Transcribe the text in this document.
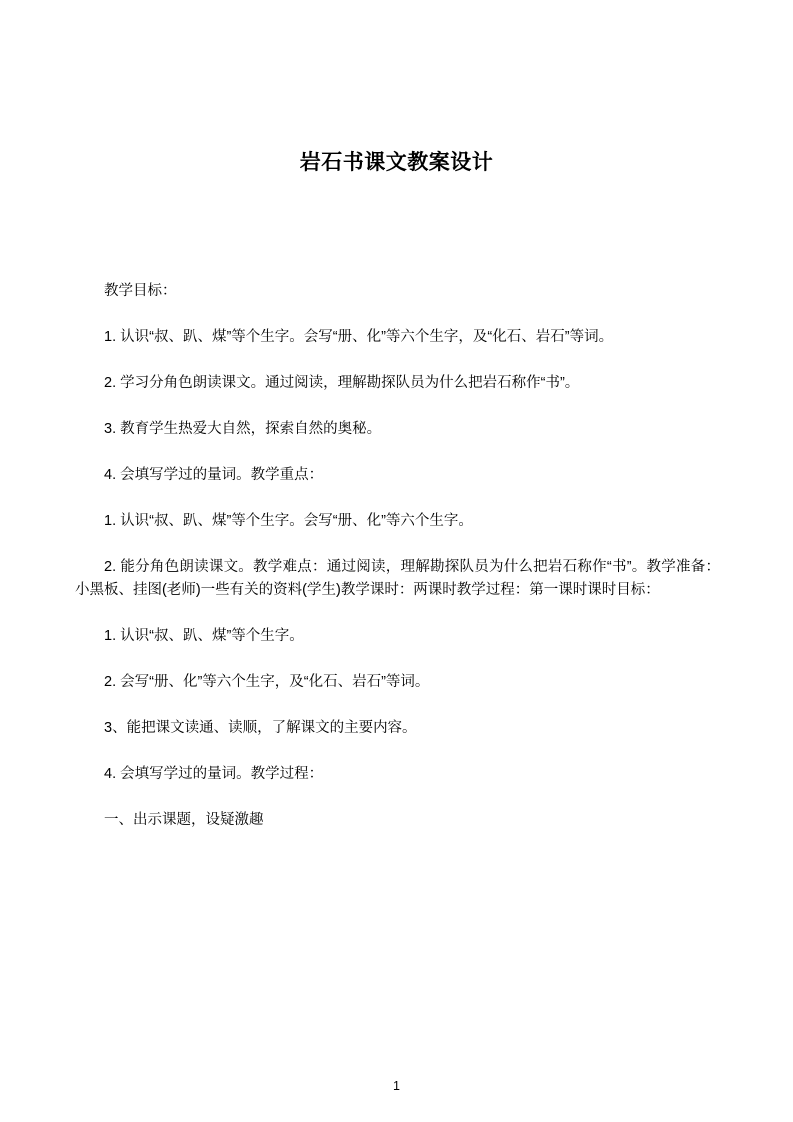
岩石书课文教案设计

教学目标：

1. 认识“叔、趴、煤”等个生字。会写“册、化”等六个生字，及“化石、岩石”等词。

2. 学习分角色朗读课文。通过阅读，理解勘探队员为什么把岩石称作“书”。

3. 教育学生热爱大自然，探索自然的奥秘。

4. 会填写学过的量词。教学重点：

1. 认识“叔、趴、煤”等个生字。会写“册、化”等六个生字。

2. 能分角色朗读课文。教学难点：通过阅读，理解勘探队员为什么把岩石称作“书”。教学准备：小黑板、挂图(老师)一些有关的资料(学生)教学课时：两课时教学过程：第一课时课时目标：

1. 认识“叔、趴、煤”等个生字。

2. 会写“册、化”等六个生字，及“化石、岩石”等词。

3、能把课文读通、读顺，了解课文的主要内容。

4. 会填写学过的量词。教学过程：

一、出示课题，设疑激趣

1
